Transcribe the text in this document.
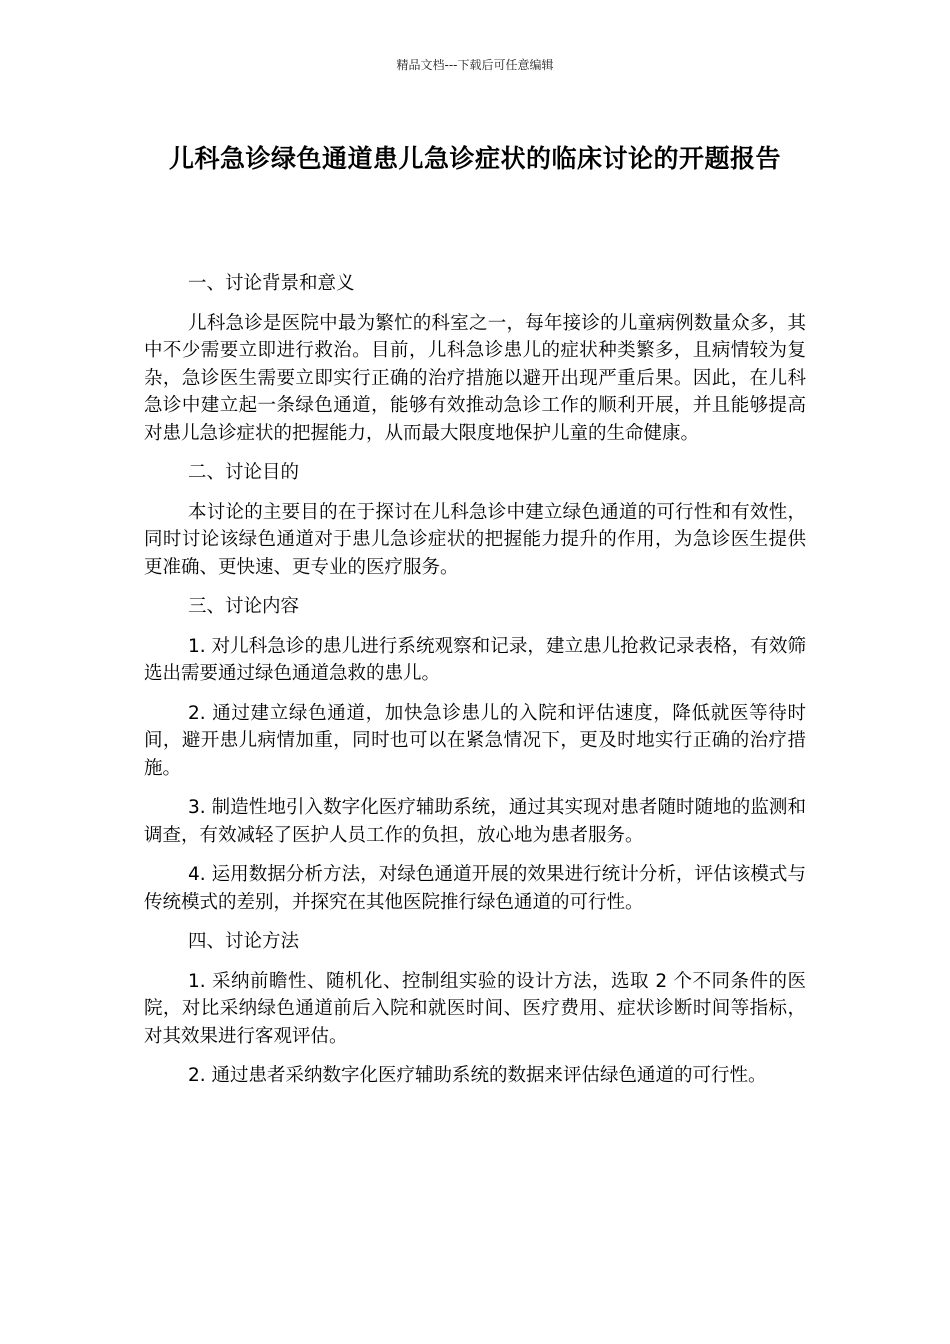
精品文档---下载后可任意编辑
儿科急诊绿色通道患儿急诊症状的临床讨论的开题报告

一、讨论背景和意义

儿科急诊是医院中最为繁忙的科室之一，每年接诊的儿童病例数量众多，其中不少需要立即进行救治。目前，儿科急诊患儿的症状种类繁多，且病情较为复杂，急诊医生需要立即实行正确的治疗措施以避开出现严重后果。因此，在儿科急诊中建立起一条绿色通道，能够有效推动急诊工作的顺利开展，并且能够提高对患儿急诊症状的把握能力，从而最大限度地保护儿童的生命健康。

二、讨论目的

本讨论的主要目的在于探讨在儿科急诊中建立绿色通道的可行性和有效性，同时讨论该绿色通道对于患儿急诊症状的把握能力提升的作用，为急诊医生提供更准确、更快速、更专业的医疗服务。

三、讨论内容

1. 对儿科急诊的患儿进行系统观察和记录，建立患儿抢救记录表格，有效筛选出需要通过绿色通道急救的患儿。

2. 通过建立绿色通道，加快急诊患儿的入院和评估速度，降低就医等待时间，避开患儿病情加重，同时也可以在紧急情况下，更及时地实行正确的治疗措施。

3. 制造性地引入数字化医疗辅助系统，通过其实现对患者随时随地的监测和调查，有效减轻了医护人员工作的负担，放心地为患者服务。

4. 运用数据分析方法，对绿色通道开展的效果进行统计分析，评估该模式与传统模式的差别，并探究在其他医院推行绿色通道的可行性。

四、讨论方法

1. 采纳前瞻性、随机化、控制组实验的设计方法，选取 2 个不同条件的医院，对比采纳绿色通道前后入院和就医时间、医疗费用、症状诊断时间等指标，对其效果进行客观评估。

2. 通过患者采纳数字化医疗辅助系统的数据来评估绿色通道的可行性。
